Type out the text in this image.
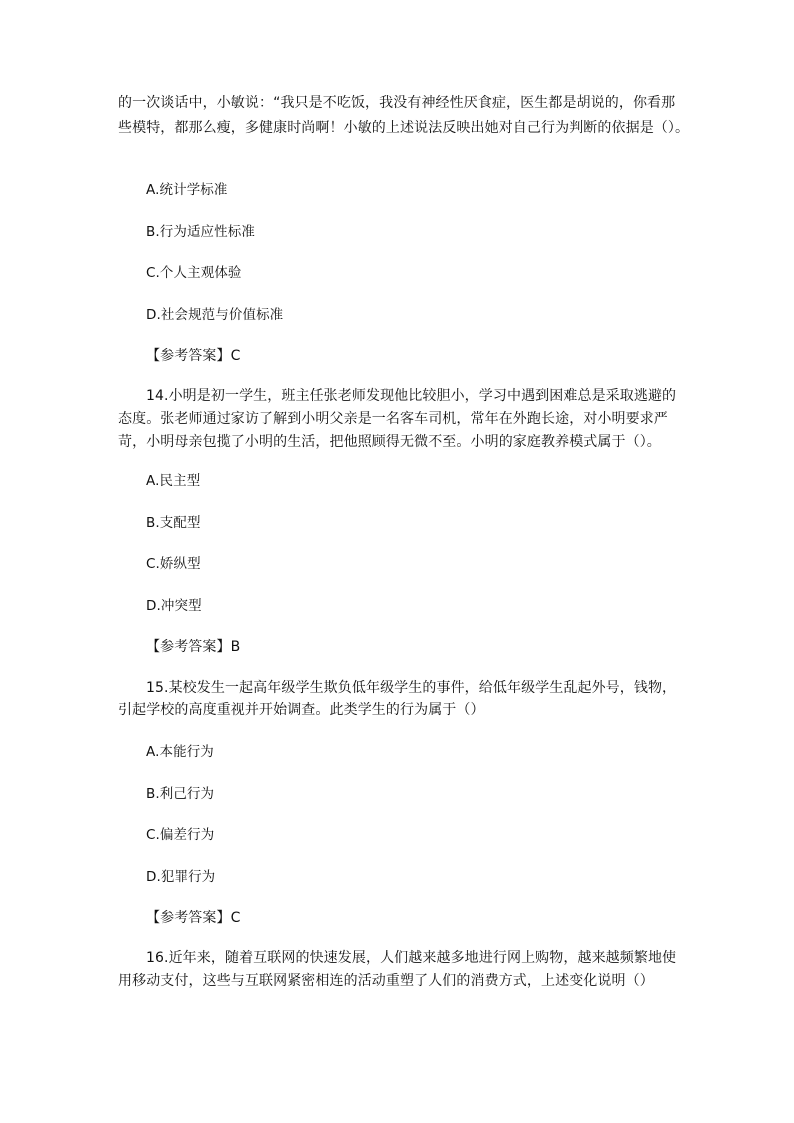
的一次谈话中，小敏说：“我只是不吃饭，我没有神经性厌食症，医生都是胡说的，你看那
些模特，都那么瘦，多健康时尚啊！小敏的上述说法反映出她对自己行为判断的依据是（）。
A.统计学标准
B.行为适应性标准
C.个人主观体验
D.社会规范与价值标准
【参考答案】C
14.小明是初一学生，班主任张老师发现他比较胆小，学习中遇到困难总是采取逃避的
态度。张老师通过家访了解到小明父亲是一名客车司机，常年在外跑长途，对小明要求严
苛，小明母亲包揽了小明的生活，把他照顾得无微不至。小明的家庭教养模式属于（）。
A.民主型
B.支配型
C.娇纵型
D.冲突型
【参考答案】B
15.某校发生一起高年级学生欺负低年级学生的事件，给低年级学生乱起外号，钱物，
引起学校的高度重视并开始调查。此类学生的行为属于（）
A.本能行为
B.利己行为
C.偏差行为
D.犯罪行为
【参考答案】C
16.近年来，随着互联网的快速发展，人们越来越多地进行网上购物，越来越频繁地使
用移动支付，这些与互联网紧密相连的活动重塑了人们的消费方式，上述变化说明（）
